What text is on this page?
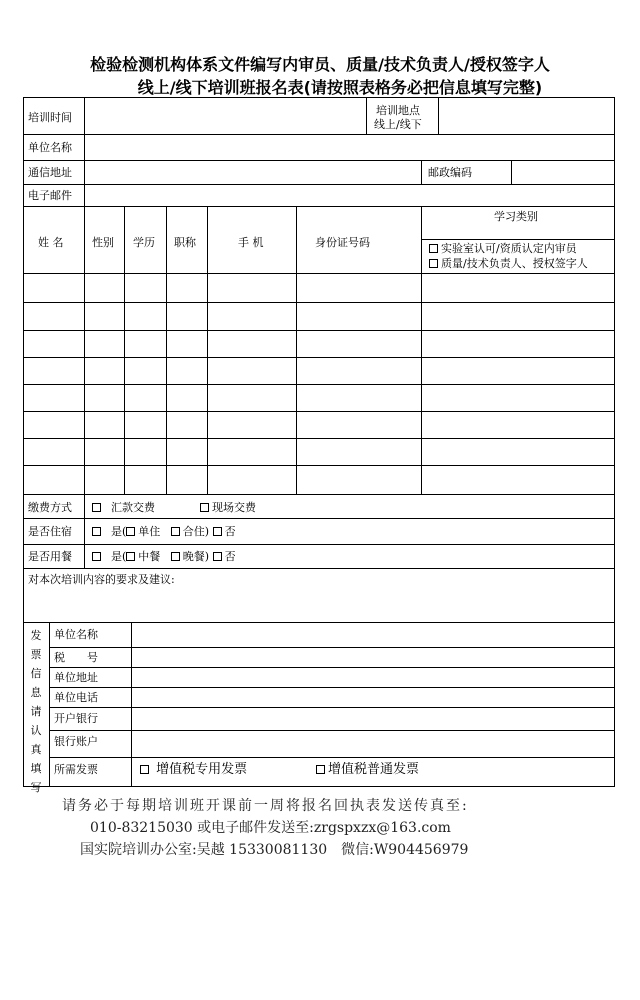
检验检测机构体系文件编写内审员、质量/技术负责人/授权签字人
线上/线下培训班报名表(请按照表格务必把信息填写完整)
培训时间
培训地点
线上/线下
单位名称
通信地址	邮政编码
电子邮件
姓 名	性别 学历 职称	手 机	身份证号码
学习类别
实验室认可/资质认定内审员
质量/技术负责人、授权签字人
缴费方式	汇款交费	现场交费
是否住宿	是( 单住 合住) 否
是否用餐	是( 中餐 晚餐) 否
对本次培训内容的要求及建议:
发
票
信
息
请
认
真
填
写
单位名称
税　　号
单位地址
单位电话
开户银行
银行账户
所需发票	增值税专用发票	增值税普通发票
请务必于每期培训班开课前一周将报名回执表发送传真至:
010-83215030 或电子邮件发送至:zrgspxzx@163.com
国实院培训办公室:吴越 15330081130　微信:W904456979
